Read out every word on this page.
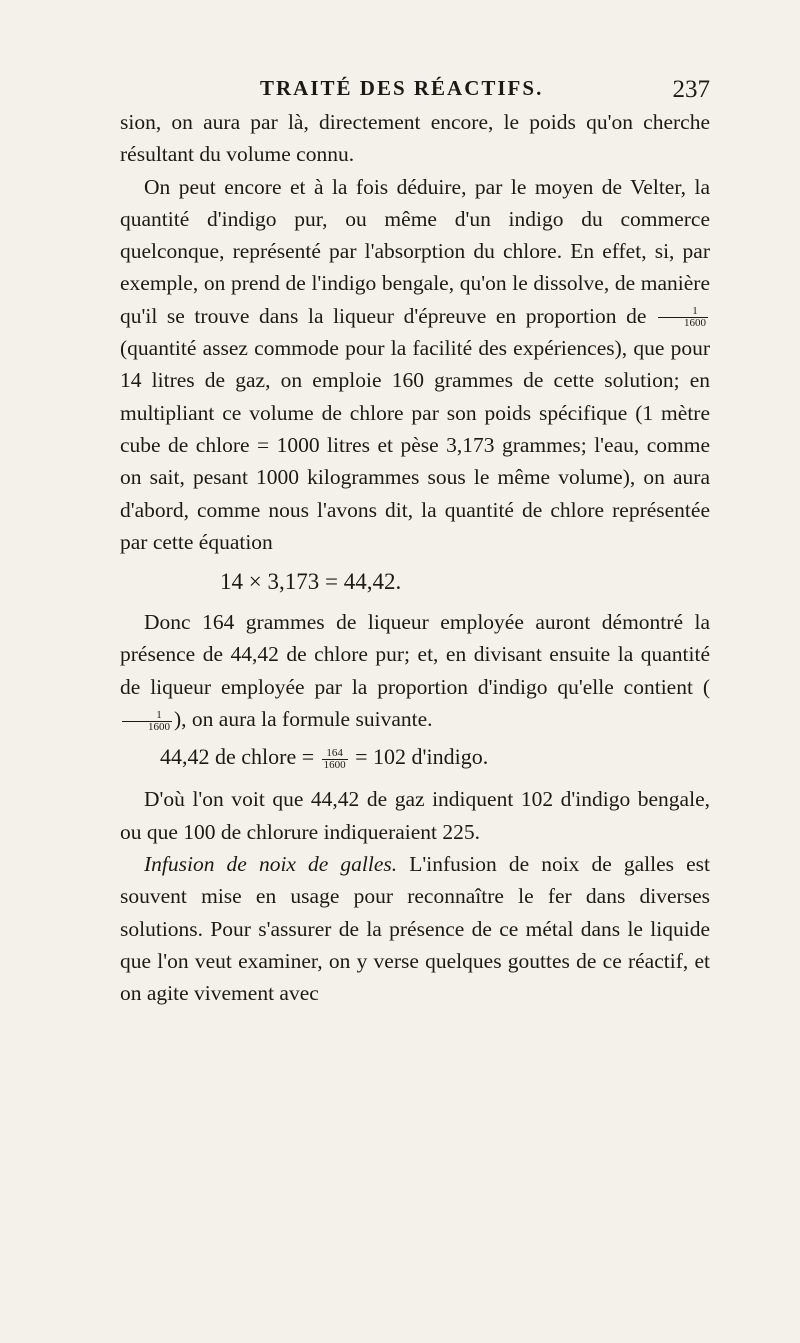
TRAITÉ DES RÉACTIFS.	237

sion, on aura par là, directement encore, le poids qu'on cherche résultant du volume connu.

On peut encore et à la fois déduire, par le moyen de Velter, la quantité d'indigo pur, ou même d'un indigo du commerce quelconque, représenté par l'absorption du chlore. En effet, si, par exemple, on prend de l'indigo bengale, qu'on le dissolve, de manière qu'il se trouve dans la liqueur d'épreuve en proportion de $\frac{1}{1600}$
(quantité assez commode pour la facilité des expériences), que pour 14 litres de gaz, on emploie 160 grammes de cette solution; en multipliant ce volume de chlore par son poids spécifique (1 mètre cube de chlore = 1000 litres et pèse 3,173 grammes; l'eau, comme on sait, pesant 1000 kilogrammes sous le même volume), on aura d'abord, comme nous l'avons dit, la quantité de chlore représentée par cette équation

14 × 3,173 = 44,42.

Donc 164 grammes de liqueur employée auront démontré la présence de 44,42 de chlore pur; et, en divisant ensuite la quantité de liqueur employée par la proportion d'indigo qu'elle contient (
$\frac{1}{1600}$ ), on aura la formule suivante.

44,42 de chlore = $\frac{164}{1600} = 102$ d'indigo.

D'où l'on voit que 44,42 de gaz indiquent 102 d'indigo bengale, ou que 100 de chlorure indiqueraient 225.

Infusion de noix de galles. L'infusion de noix de galles est souvent mise en usage pour reconnaître le fer dans diverses solutions. Pour s'assurer de la présence de ce métal dans le liquide que l'on veut examiner, on y verse quelques gouttes de ce réactif, et on agite vivement avec
